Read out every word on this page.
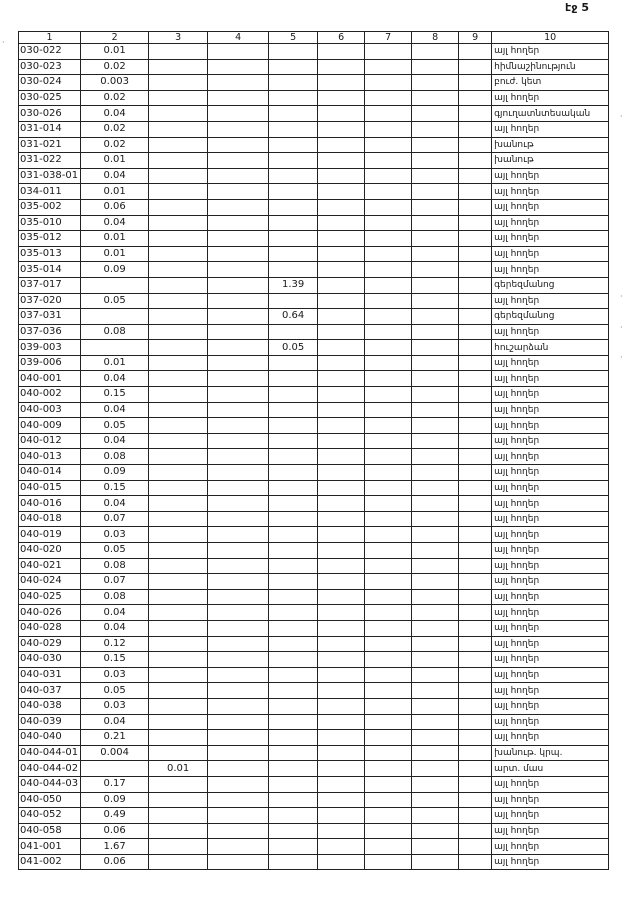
էջ 5
1	2	3	4	5	6	7	8	9	10
030-022	0.01								այլ հողեր
030-023	0.02								հիմնաշինություն
030-024	0.003								բուժ. կետ
030-025	0.02								այլ հողեր
030-026	0.04								գյուղատնտեսական
031-014	0.02								այլ հողեր
031-021	0.02								խանութ
031-022	0.01								խանութ
031-038-01	0.04								այլ հողեր
034-011	0.01								այլ հողեր
035-002	0.06								այլ հողեր
035-010	0.04								այլ հողեր
035-012	0.01								այլ հողեր
035-013	0.01								այլ հողեր
035-014	0.09								այլ հողեր
037-017				1.39					գերեզմանոց
037-020	0.05								այլ հողեր
037-031				0.64					գերեզմանոց
037-036	0.08								այլ հողեր
039-003				0.05					հուշարձան
039-006	0.01								այլ հողեր
040-001	0.04								այլ հողեր
040-002	0.15								այլ հողեր
040-003	0.04								այլ հողեր
040-009	0.05								այլ հողեր
040-012	0.04								այլ հողեր
040-013	0.08								այլ հողեր
040-014	0.09								այլ հողեր
040-015	0.15								այլ հողեր
040-016	0.04								այլ հողեր
040-018	0.07								այլ հողեր
040-019	0.03								այլ հողեր
040-020	0.05								այլ հողեր
040-021	0.08								այլ հողեր
040-024	0.07								այլ հողեր
040-025	0.08								այլ հողեր
040-026	0.04								այլ հողեր
040-028	0.04								այլ հողեր
040-029	0.12								այլ հողեր
040-030	0.15								այլ հողեր
040-031	0.03								այլ հողեր
040-037	0.05								այլ հողեր
040-038	0.03								այլ հողեր
040-039	0.04								այլ հողեր
040-040	0.21								այլ հողեր
040-044-01	0.004								խանութ. կրպ.
040-044-02		0.01							արտ. մաս
040-044-03	0.17								այլ հողեր
040-050	0.09								այլ հողեր
040-052	0.49								այլ հողեր
040-058	0.06								այլ հողեր
041-001	1.67								այլ հողեր
041-002	0.06								այլ հողեր
·
·
·
·
·
